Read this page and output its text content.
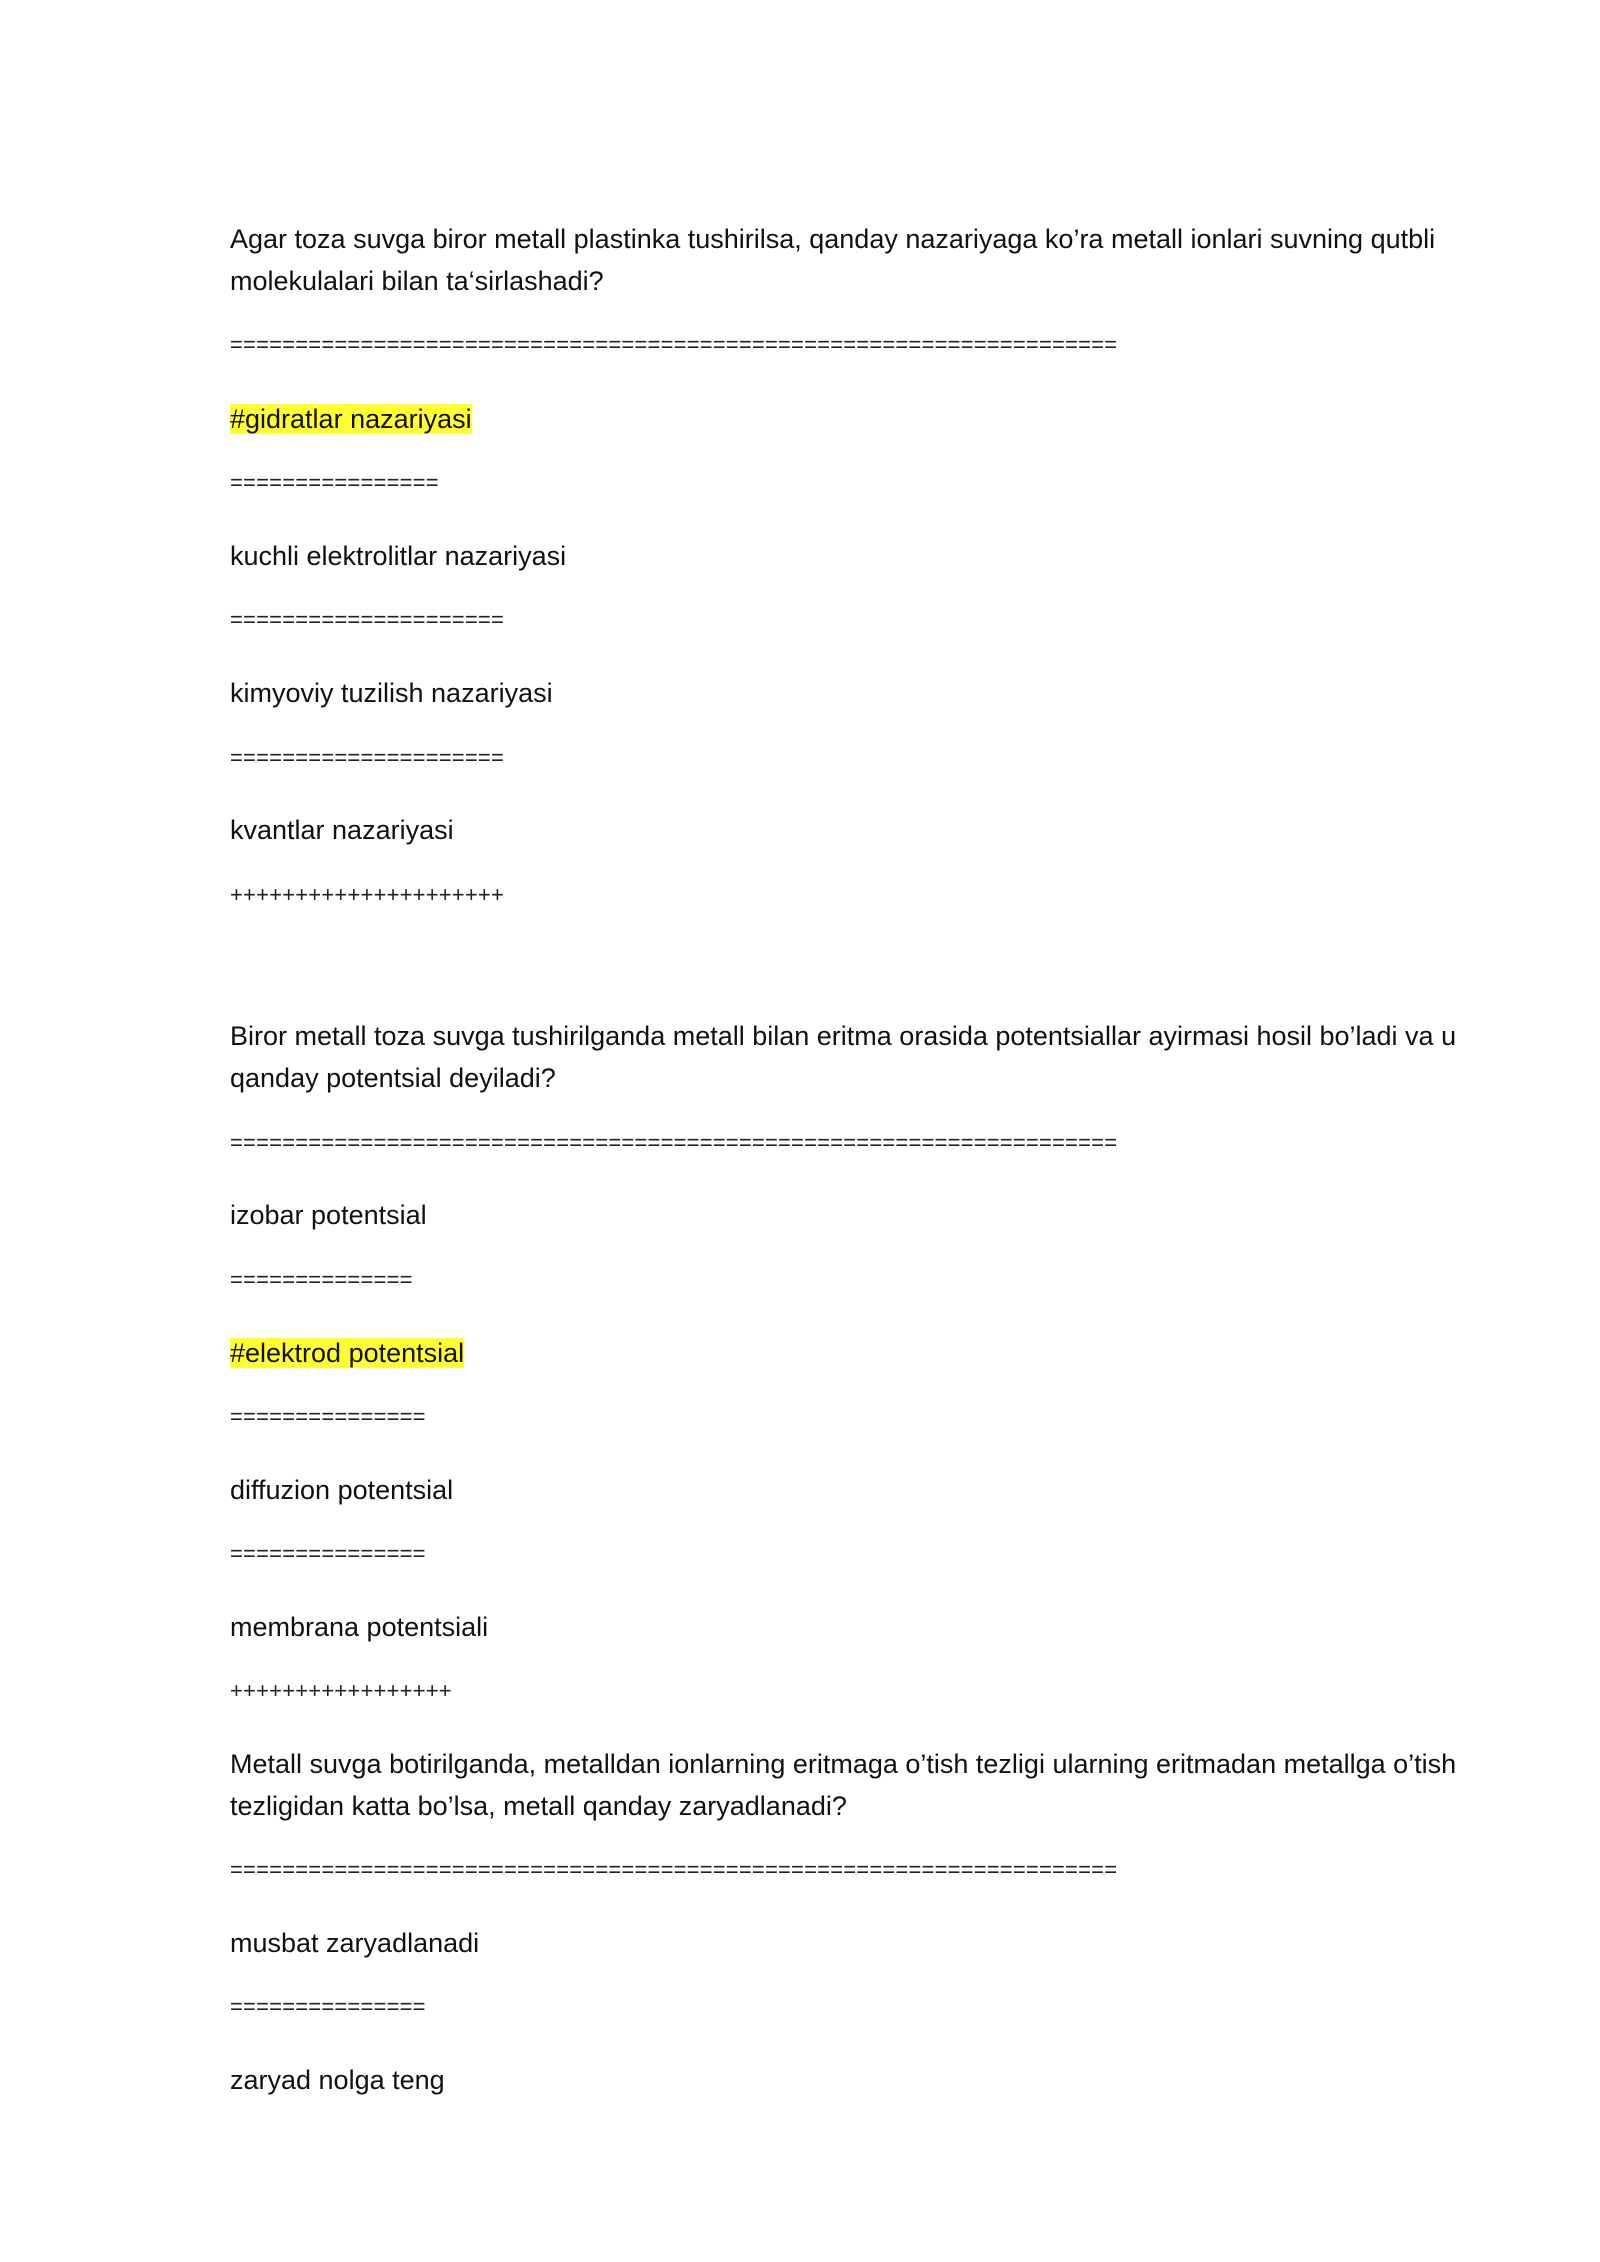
Agar toza suvga biror metall plastinka tushirilsa, qanday nazariyaga ko’ra metall ionlari suvning qutbli molekulalari bilan ta‘sirlashadi?

====================================================================

#gidratlar nazariyasi

================

kuchli elektrolitlar nazariyasi

=====================

kimyoviy tuzilish nazariyasi

=====================

kvantlar nazariyasi

+++++++++++++++++++++

Biror metall toza suvga tushirilganda metall bilan eritma orasida potentsiallar ayirmasi hosil bo’ladi va u qanday potentsial deyiladi?

====================================================================

izobar potentsial

==============

#elektrod potentsial

===============

diffuzion potentsial

===============

membrana potentsiali

+++++++++++++++++

Metall suvga botirilganda, metalldan ionlarning eritmaga o’tish tezligi ularning eritmadan metallga o’tish tezligidan katta bo’lsa, metall qanday zaryadlanadi?

====================================================================

musbat zaryadlanadi

===============

zaryad nolga teng
